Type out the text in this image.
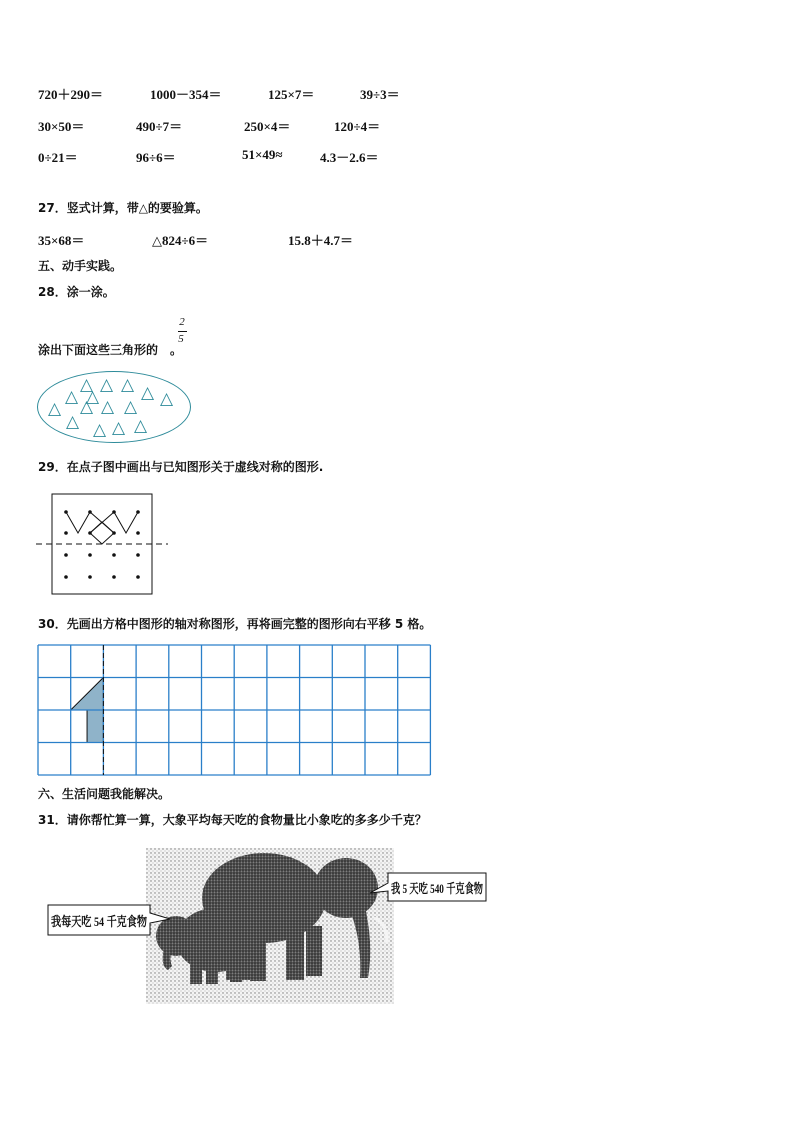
720＋290＝	1000－354＝	125×7＝	39÷3＝
30×50＝	490÷7＝	250×4＝	120÷4＝
0÷21＝	96÷6＝	51×49≈	4.3－2.6＝
27．竖式计算，带△的要验算。
35×68＝	△824÷6＝	15.8＋4.7＝
五、动手实践。
28．涂一涂。
涂出下面这些三角形的 。
2
5
△ △ △ △ △
△ △
△ △ △ △
△ △ △ △
29．在点子图中画出与已知图形关于虚线对称的图形.
30．先画出方格中图形的轴对称图形，再将画完整的图形向右平移 5 格。
六、生活问题我能解决。
31．请你帮忙算一算，大象平均每天吃的食物量比小象吃的多多少千克？
我每天吃 54 千克食物
我 5 天吃 540 千克食物
